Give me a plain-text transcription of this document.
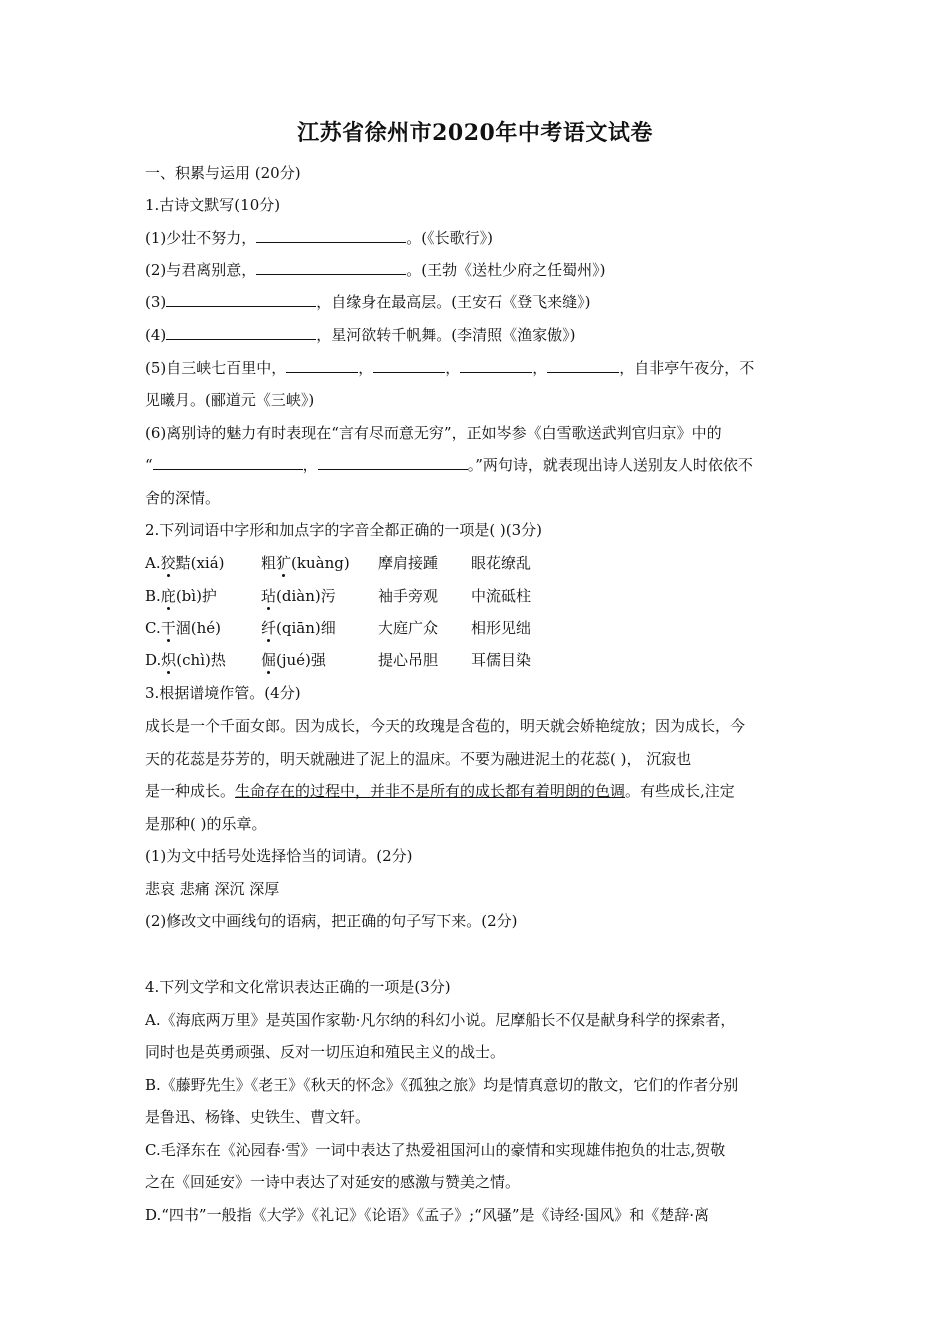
江苏省徐州市2020年中考语文试卷
一、积累与运用 (20分)
1.古诗文默写(10分)
(1)少壮不努力，	。(《长歌行》)
(2)与君离别意，	。(王勃《送杜少府之任蜀州》)
(3)	，自缘身在最高层。(王安石《登飞来缝》)
(4)	，星河欲转千帆舞。(李清照《渔家傲》)
(5)自三峡七百里中，	，	，	，	，自非亭午夜分，不
见曦月。(郦道元《三峡》)
(6)离别诗的魅力有时表现在“言有尽而意无穷”，正如岑参《白雪歌送武判官归京》中的
“	，	。”两句诗，就表现出诗人送别友人时依依不
舍的深情。
2.下列词语中字形和加点字的字音全都正确的一项是( )(3分)
A.狡黠(xiá) 粗犷(kuàng) 摩肩接踵 眼花缭乱
B.庇(bì)护	玷(diàn)污	袖手旁观 中流砥柱
C.干涸(hé)	纤(qiān)细	大庭广众 相形见绌
D.炽(chì)热 倔(jué)强	提心吊胆 耳儒目染
3.根据谱境作管。(4分)
成长是一个千面女郎。因为成长，今天的玫瑰是含苞的，明天就会娇艳绽放；因为成长，今
天的花蕊是芬芳的，明天就融进了泥上的温床。不要为融进泥土的花蕊( )， 沉寂也
是一种成长。生命存在的过程中，并非不是所有的成长都有着明朗的色调。有些成长,注定
是那种( )的乐章。
(1)为文中括号处选择恰当的词请。(2分)
悲哀 悲痛 深沉 深厚
(2)修改文中画线句的语病，把正确的句子写下来。(2分)
4.下列文学和文化常识表达正确的一项是(3分)
A.《海底两万里》是英国作家勒·凡尔纳的科幻小说。尼摩船长不仅是献身科学的探索者，
同时也是英勇顽强、反对一切压迫和殖民主义的战士。
B.《藤野先生》《老王》《秋天的怀念》《孤独之旅》均是情真意切的散文，它们的作者分别
是鲁迅、杨锋、史铁生、曹文轩。
C.毛泽东在《沁园春·雪》一词中表达了热爱祖国河山的豪情和实现雄伟抱负的壮志,贺敬
之在《回延安》一诗中表达了对延安的感激与赞美之情。
D.“四书”一般指《大学》《礼记》《论语》《孟子》;“风骚”是《诗经·国风》和《楚辞·离
